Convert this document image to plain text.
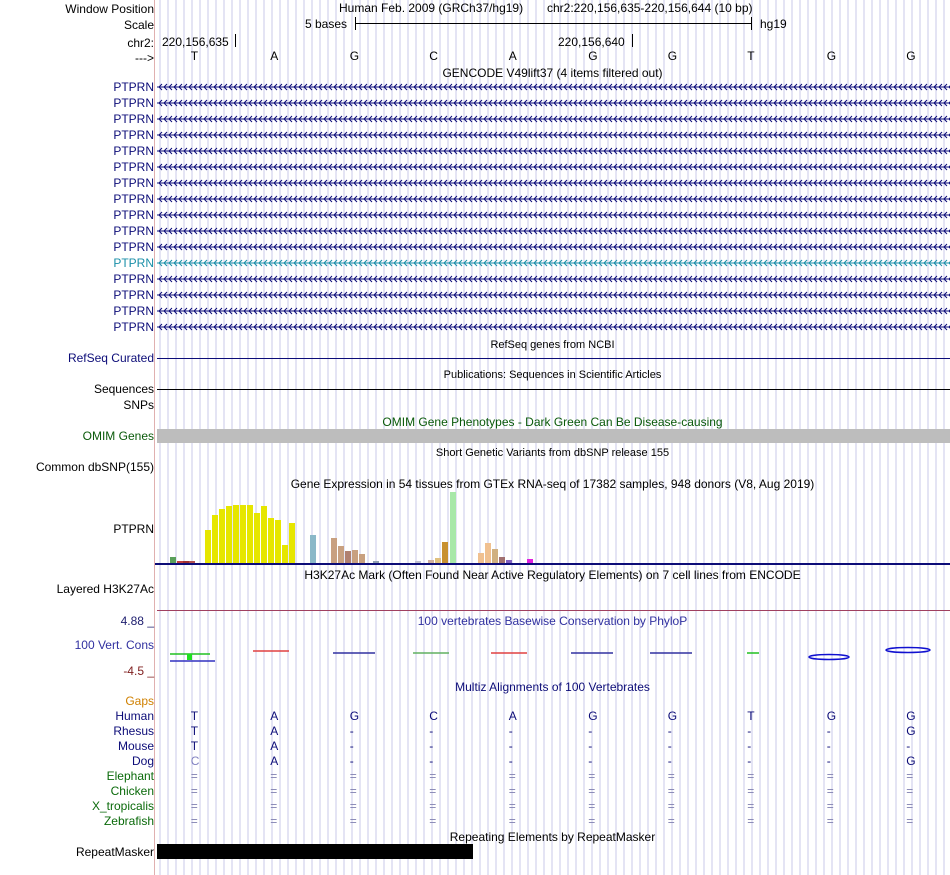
Window Position	Human Feb. 2009 (GRCh37/hg19) chr2:220,156,635-220,156,644 (10 bp)
Scale	5 bases	hg19
chr2: 220,156,635	220,156,640
--->	T	A	G	C	A	G	G	T	G	G
GENCODE V49lift37 (4 items filtered out)
PTPRN
PTPRN
PTPRN
PTPRN
PTPRN
PTPRN
PTPRN
PTPRN
PTPRN
PTPRN
PTPRN
PTPRN
PTPRN
PTPRN
PTPRN
PTPRN
RefSeq genes from NCBI
RefSeq Curated
Publications: Sequences in Scientific Articles
Sequences
SNPs
OMIM Gene Phenotypes - Dark Green Can Be Disease-causing
OMIM Genes
Short Genetic Variants from dbSNP release 155
Common dbSNP(155)
Gene Expression in 54 tissues from GTEx RNA-seq of 17382 samples, 948 donors (V8, Aug 2019)
PTPRN
H3K27Ac Mark (Often Found Near Active Regulatory Elements) on 7 cell lines from ENCODE
Layered H3K27Ac
100 vertebrates Basewise Conservation by PhyloP
4.88 _
100 Vert. Cons
-4.5 _
Multiz Alignments of 100 Vertebrates
Gaps
Human	T	A	G	C	A	G	G	T	G	G
Rhesus	T	A	-	-	-	-	-	-	-	G
Mouse	T	A	-	-	-	-	-	-	-	-
Dog	C	A	-	-	-	-	-	-	-	G
Elephant	=	=	=	=	=	=	=	=	=	=
Chicken	=	=	=	=	=	=	=	=	=	=
X_tropicalis	=	=	=	=	=	=	=	=	=	=
Zebrafish	=	=	=	=	=	=	=	=	=	=
Repeating Elements by RepeatMasker
RepeatMasker
